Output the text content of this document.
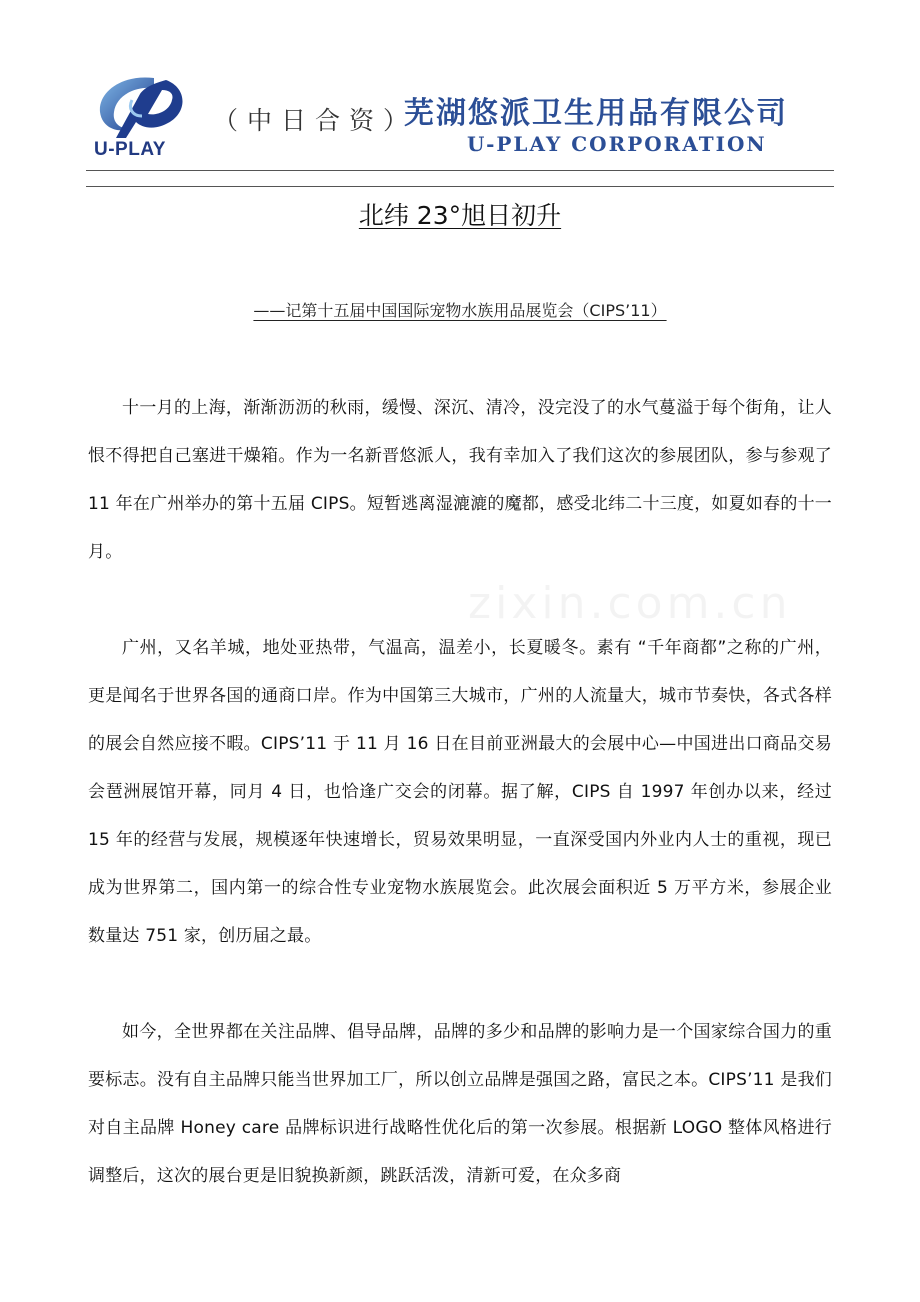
U-PLAY
（中日合资）
芜湖悠派卫生用品有限公司
U-PLAY CORPORATION
北纬 23°旭日初升
——记第十五届中国国际宠物水族用品展览会（CIPS’11）

十一月的上海，渐渐沥沥的秋雨，缓慢、深沉、清冷，没完没了的水气蔓溢于每个街角，让人恨不得把自己塞进干燥箱。作为一名新晋悠派人，我有幸加入了我们这次的参展团队，参与参观了 11 年在广州举办的第十五届 CIPS。短暂逃离湿漉漉的魔都，感受北纬二十三度，如夏如春的十一月。

广州，又名羊城，地处亚热带，气温高，温差小，长夏暖冬。素有 “千年商都”之称的广州，更是闻名于世界各国的通商口岸。作为中国第三大城市，广州的人流量大，城市节奏快，各式各样的展会自然应接不暇。CIPS’11 于 11 月 16 日在目前亚洲最大的会展中心—中国进出口商品交易会琶洲展馆开幕，同月 4 日，也恰逢广交会的闭幕。据了解，CIPS 自 1997 年创办以来，经过 15 年的经营与发展，规模逐年快速增长，贸易效果明显，一直深受国内外业内人士的重视，现已成为世界第二，国内第一的综合性专业宠物水族展览会。此次展会面积近 5 万平方米，参展企业数量达 751 家，创历届之最。

如今，全世界都在关注品牌、倡导品牌，品牌的多少和品牌的影响力是一个国家综合国力的重要标志。没有自主品牌只能当世界加工厂，所以创立品牌是强国之路，富民之本。CIPS’11 是我们对自主品牌 Honey care 品牌标识进行战略性优化后的第一次参展。根据新 LOGO 整体风格进行调整后，这次的展台更是旧貌换新颜，跳跃活泼，清新可爱，在众多商
